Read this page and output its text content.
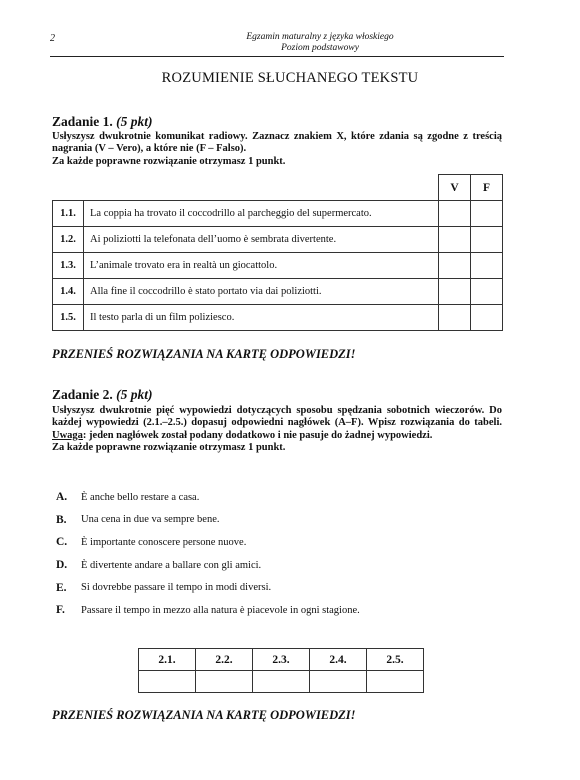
2	Egzamin maturalny z języka włoskiego
Poziom podstawowy
ROZUMIENIE SŁUCHANEGO TEKSTU
Zadanie 1. (5 pkt)

Usłyszysz dwukrotnie komunikat radiowy. Zaznacz znakiem X, które zdania są zgodne z treścią nagrania (V – Vero), a które nie (F – Falso).

Za każde poprawne rozwiązanie otrzymasz 1 punkt.

		V	F
1.1.	La coppia ha trovato il coccodrillo al parcheggio del supermercato.		
1.2.	Ai poliziotti la telefonata dell’uomo è sembrata divertente.		
1.3.	L’animale trovato era in realtà un giocattolo.		
1.4.	Alla fine il coccodrillo è stato portato via dai poliziotti.		
1.5.	Il testo parla di un film poliziesco.		
PRZENIEŚ ROZWIĄZANIA NA KARTĘ ODPOWIEDZI!
Zadanie 2. (5 pkt)

Usłyszysz dwukrotnie pięć wypowiedzi dotyczących sposobu spędzania sobotnich wieczorów. Do każdej wypowiedzi (2.1.–2.5.) dopasuj odpowiedni nagłówek (A–F). Wpisz rozwiązania do tabeli. Uwaga: jeden nagłówek został podany dodatkowo i nie pasuje do żadnej wypowiedzi.

Za każde poprawne rozwiązanie otrzymasz 1 punkt.

A.	È anche bello restare a casa.
B.	Una cena in due va sempre bene.
C.	È importante conoscere persone nuove.
D.	È divertente andare a ballare con gli amici.
E.	Si dovrebbe passare il tempo in modi diversi.
F.	Passare il tempo in mezzo alla natura è piacevole in ogni stagione.
2.1.	2.2.	2.3.	2.4.	2.5.

PRZENIEŚ ROZWIĄZANIA NA KARTĘ ODPOWIEDZI!
